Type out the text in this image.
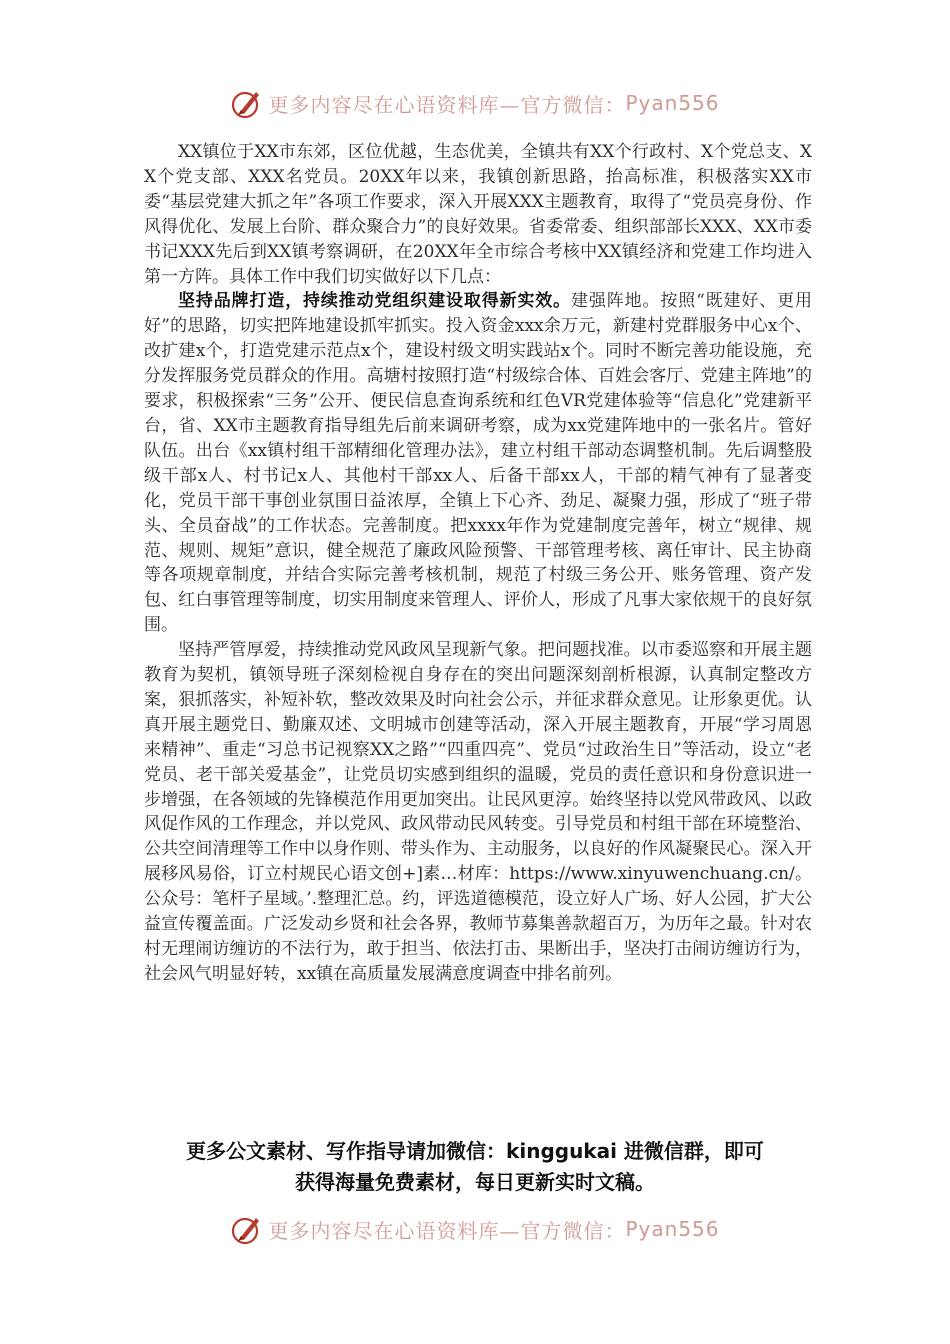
更多内容尽在心语资料库—官方微信： Pyan556

XX镇位于XX市东郊，区位优越，生态优美，全镇共有XX个行政村、X个党总支、XX个党支部、XXX名党员。20XX年以来，我镇创新思路，抬高标准，积极落实XX市委“基层党建大抓之年”各项工作要求，深入开展XXX主题教育，取得了“党员亮身份、作风得优化、发展上台阶、群众聚合力”的良好效果。省委常委、组织部部长XXX、XX市委书记XXX先后到XX镇考察调研，在20XX年全市综合考核中XX镇经济和党建工作均进入第一方阵。具体工作中我们切实做好以下几点：

坚持品牌打造，持续推动党组织建设取得新实效。建强阵地。按照“既建好、更用好”的思路，切实把阵地建设抓牢抓实。投入资金xxx余万元，新建村党群服务中心x个、改扩建x个，打造党建示范点x个，建设村级文明实践站x个。同时不断完善功能设施，充分发挥服务党员群众的作用。高塘村按照打造“村级综合体、百姓会客厅、党建主阵地”的要求，积极探索“三务”公开、便民信息查询系统和红色VR党建体验等“信息化”党建新平台，省、XX市主题教育指导组先后前来调研考察，成为xx党建阵地中的一张名片。管好队伍。出台《xx镇村组干部精细化管理办法》，建立村组干部动态调整机制。先后调整股级干部x人、村书记x人、其他村干部xx人、后备干部xx人，干部的精气神有了显著变化，党员干部干事创业氛围日益浓厚，全镇上下心齐、劲足、凝聚力强，形成了“班子带头、全员奋战”的工作状态。完善制度。把xxxx年作为党建制度完善年，树立“规律、规范、规则、规矩”意识，健全规范了廉政风险预警、干部管理考核、离任审计、民主协商等各项规章制度，并结合实际完善考核机制，规范了村级三务公开、账务管理、资产发包、红白事管理等制度，切实用制度来管理人、评价人，形成了凡事大家依规干的良好氛围。

坚持严管厚爱，持续推动党风政风呈现新气象。把问题找准。以市委巡察和开展主题教育为契机，镇领导班子深刻检视自身存在的突出问题深刻剖析根源，认真制定整改方案，狠抓落实，补短补软，整改效果及时向社会公示，并征求群众意见。让形象更优。认真开展主题党日、勤廉双述、文明城市创建等活动，深入开展主题教育，开展“学习周恩来精神”、重走“习总书记视察XX之路”“四重四亮”、党员“过政治生日”等活动，设立“老党员、老干部关爱基金”，让党员切实感到组织的温暖，党员的责任意识和身份意识进一步增强，在各领域的先锋模范作用更加突出。让民风更淳。始终坚持以党风带政风、以政风促作风的工作理念，并以党风、政风带动民风转变。引导党员和村组干部在环境整治、公共空间清理等工作中以身作则、带头作为、主动服务，以良好的作风凝聚民心。深入开展移风易俗，订立村规民心语文创+]素…材库：https://www.xinyuwenchuang.cn/。公众号：笔杆子星域。’.整理汇总。约，评选道德模范，设立好人广场、好人公园，扩大公益宣传覆盖面。广泛发动乡贤和社会各界，教师节募集善款超百万，为历年之最。针对农村无理闹访缠访的不法行为，敢于担当、依法打击、果断出手，坚决打击闹访缠访行为，社会风气明显好转，xx镇在高质量发展满意度调查中排名前列。

更多公文素材、写作指导请加微信：kinggukai 进微信群，即可
获得海量免费素材，每日更新实时文稿。
更多内容尽在心语资料库—官方微信： Pyan556
